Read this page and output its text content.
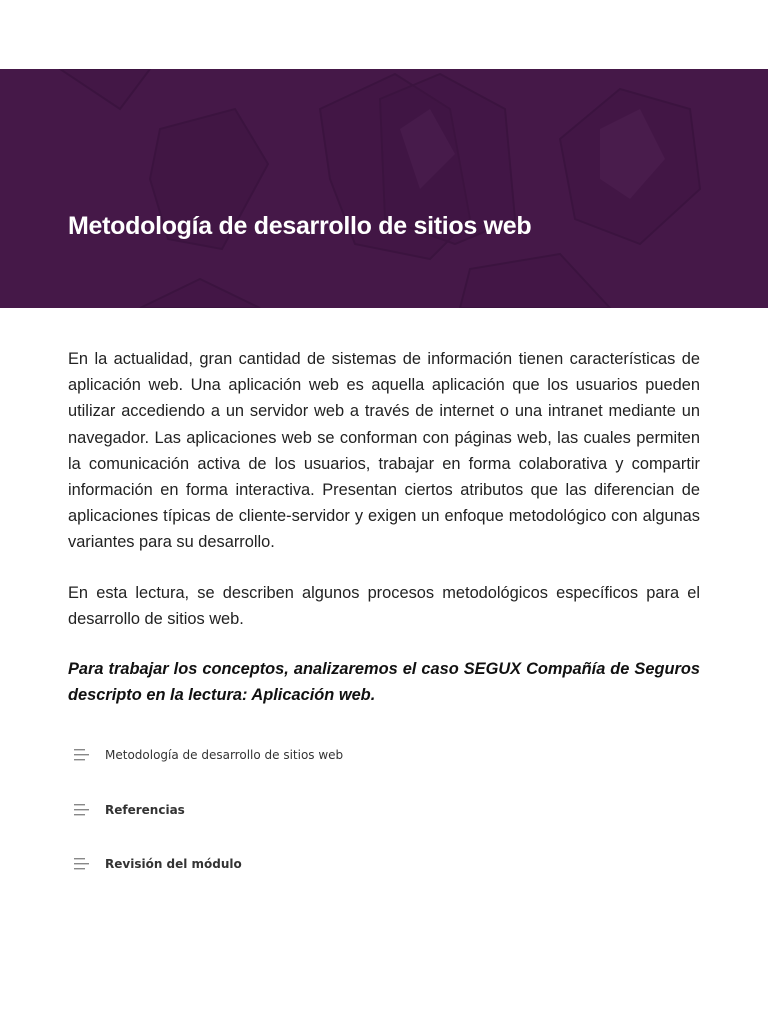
Metodología de desarrollo de sitios web

En la actualidad, gran cantidad de sistemas de información tienen características de aplicación web. Una aplicación web es aquella aplicación que los usuarios pueden utilizar accediendo a un servidor web a través de internet o una intranet mediante un navegador. Las aplicaciones web se conforman con páginas web, las cuales permiten la comunicación activa de los usuarios, trabajar en forma colaborativa y compartir información en forma interactiva. Presentan ciertos atributos que las diferencian de aplicaciones típicas de cliente-servidor y exigen un enfoque metodológico con algunas variantes para su desarrollo.

En esta lectura, se describen algunos procesos metodológicos específicos para el desarrollo de sitios web.

Para trabajar los conceptos, analizaremos el caso SEGUX Compañía de Seguros descripto en la lectura: Aplicación web.

Metodología de desarrollo de sitios web
Referencias
Revisión del módulo
